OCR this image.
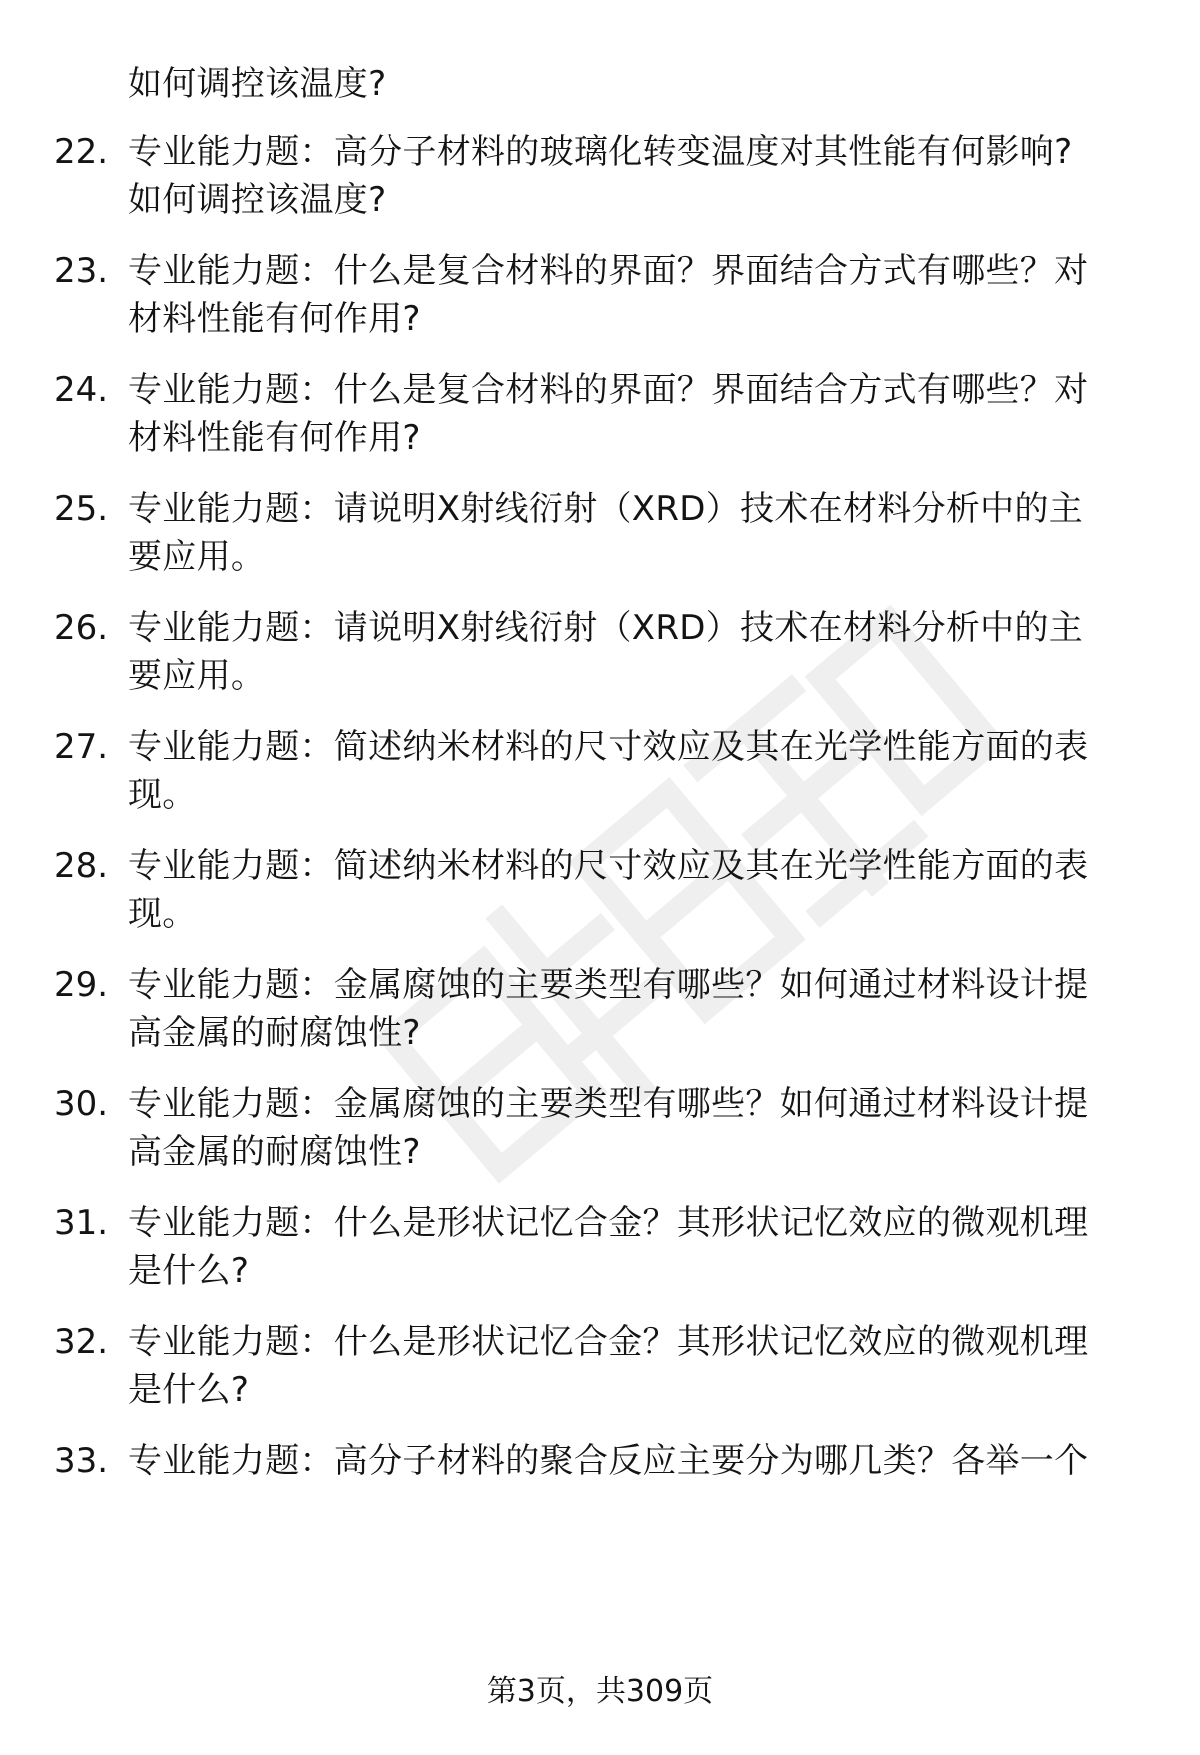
如何调控该温度?
22. 专业能力题：高分子材料的玻璃化转变温度对其性能有何影响?
如何调控该温度?
23. 专业能力题：什么是复合材料的界面？界面结合方式有哪些？对
材料性能有何作用?
24. 专业能力题：什么是复合材料的界面？界面结合方式有哪些？对
材料性能有何作用?
25. 专业能力题：请说明X射线衍射（XRD）技术在材料分析中的主
要应用。
26. 专业能力题：请说明X射线衍射（XRD）技术在材料分析中的主
要应用。
27. 专业能力题：简述纳米材料的尺寸效应及其在光学性能方面的表
现。
28. 专业能力题：简述纳米材料的尺寸效应及其在光学性能方面的表
现。
29. 专业能力题：金属腐蚀的主要类型有哪些？如何通过材料设计提
高金属的耐腐蚀性?
30. 专业能力题：金属腐蚀的主要类型有哪些？如何通过材料设计提
高金属的耐腐蚀性?
31. 专业能力题：什么是形状记忆合金？其形状记忆效应的微观机理
是什么?
32. 专业能力题：什么是形状记忆合金？其形状记忆效应的微观机理
是什么?
33. 专业能力题：高分子材料的聚合反应主要分为哪几类？各举一个
第3页，共309页
